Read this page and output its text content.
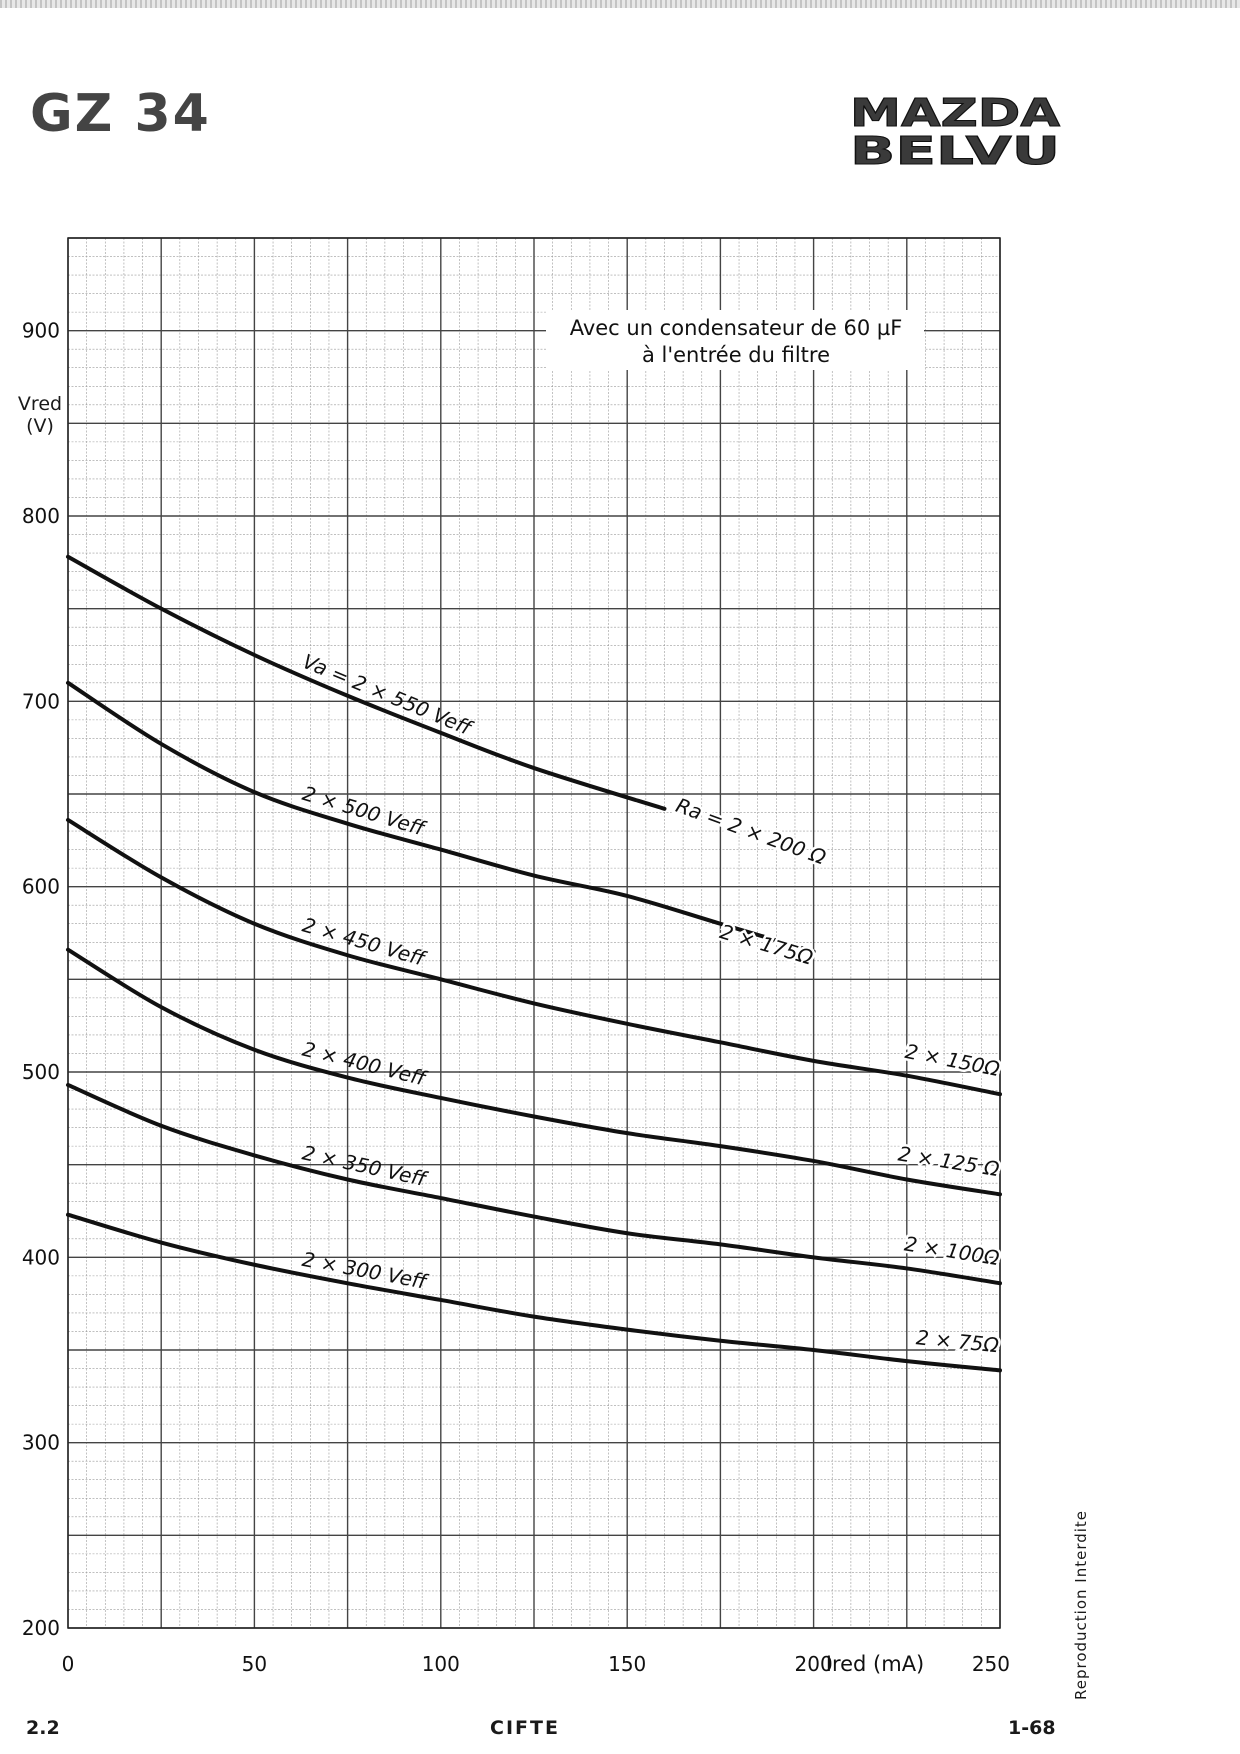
GZ 34	MAZDA
BELVU
200
300
400
500
600
700
800
900
0	50	100	150	200	250
Va = 2 × 550 Veff
Ra = 2 × 200 Ω
2 × 500 Veff
2 × 175Ω
2 × 450 Veff
2 × 150Ω
2 × 400 Veff
2 × 125 Ω
2 × 350 Veff
2 × 100Ω
2 × 300 Veff
2 × 75Ω
Avec un condensateur de 60 µF
à l'entrée du filtre
Ired (mA)
Vred
(V)
2.2	CIFTE	1-68
Reproduction Interdite
